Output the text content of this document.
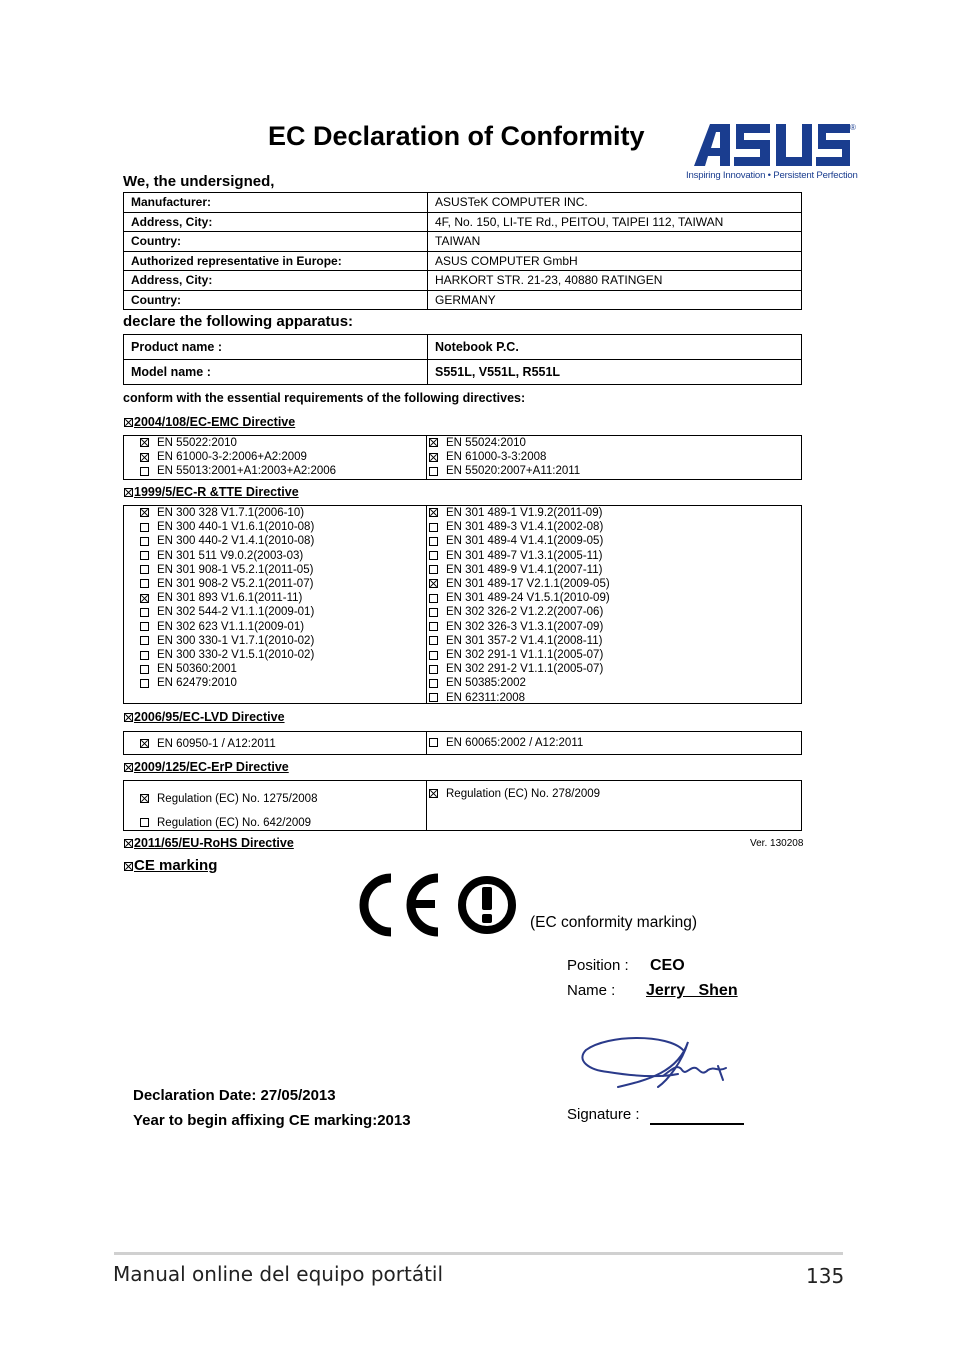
EC Declaration of Conformity	®
Inspiring Innovation • Persistent Perfection
We, the undersigned,
Manufacturer:	ASUSTeK COMPUTER INC.
Address, City:	4F, No. 150, LI-TE Rd., PEITOU, TAIPEI 112, TAIWAN
Country:	TAIWAN
Authorized representative in Europe:	ASUS COMPUTER GmbH
Address, City:	HARKORT STR. 21-23, 40880 RATINGEN
Country:	GERMANY
declare the following apparatus:
Product name :	Notebook P.C.
Model name :	S551L, V551L, R551L
conform with the essential requirements of the following directives:
2004/108/EC-EMC Directive
EN 55022:2010
EN 61000-3-2:2006+A2:2009
EN 55013:2001+A1:2003+A2:2006
EN 55024:2010
EN 61000-3-3:2008
EN 55020:2007+A11:2011
1999/5/EC-R &TTE Directive
EN 300 328 V1.7.1(2006-10)
EN 300 440-1 V1.6.1(2010-08)
EN 300 440-2 V1.4.1(2010-08)
EN 301 511 V9.0.2(2003-03)
EN 301 908-1 V5.2.1(2011-05)
EN 301 908-2 V5.2.1(2011-07)
EN 301 893 V1.6.1(2011-11)
EN 302 544-2 V1.1.1(2009-01)
EN 302 623 V1.1.1(2009-01)
EN 300 330-1 V1.7.1(2010-02)
EN 300 330-2 V1.5.1(2010-02)
EN 50360:2001
EN 62479:2010
EN 301 489-1 V1.9.2(2011-09)
EN 301 489-3 V1.4.1(2002-08)
EN 301 489-4 V1.4.1(2009-05)
EN 301 489-7 V1.3.1(2005-11)
EN 301 489-9 V1.4.1(2007-11)
EN 301 489-17 V2.1.1(2009-05)
EN 301 489-24 V1.5.1(2010-09)
EN 302 326-2 V1.2.2(2007-06)
EN 302 326-3 V1.3.1(2007-09)
EN 301 357-2 V1.4.1(2008-11)
EN 302 291-1 V1.1.1(2005-07)
EN 302 291-2 V1.1.1(2005-07)
EN 50385:2002
EN 62311:2008
2006/95/EC-LVD Directive
EN 60950-1 / A12:2011	EN 60065:2002 / A12:2011
2009/125/EC-ErP Directive
Regulation (EC) No. 1275/2008
Regulation (EC) No. 642/2009
Regulation (EC) No. 278/2009
2011/65/EU-RoHS Directive	Ver. 130208
CE marking
(EC conformity marking)
Position : CEO
Name : Jerry   Shen
Signature :
Declaration Date: 27/05/2013
Year to begin affixing CE marking:2013
Manual online del equipo portátil	135
